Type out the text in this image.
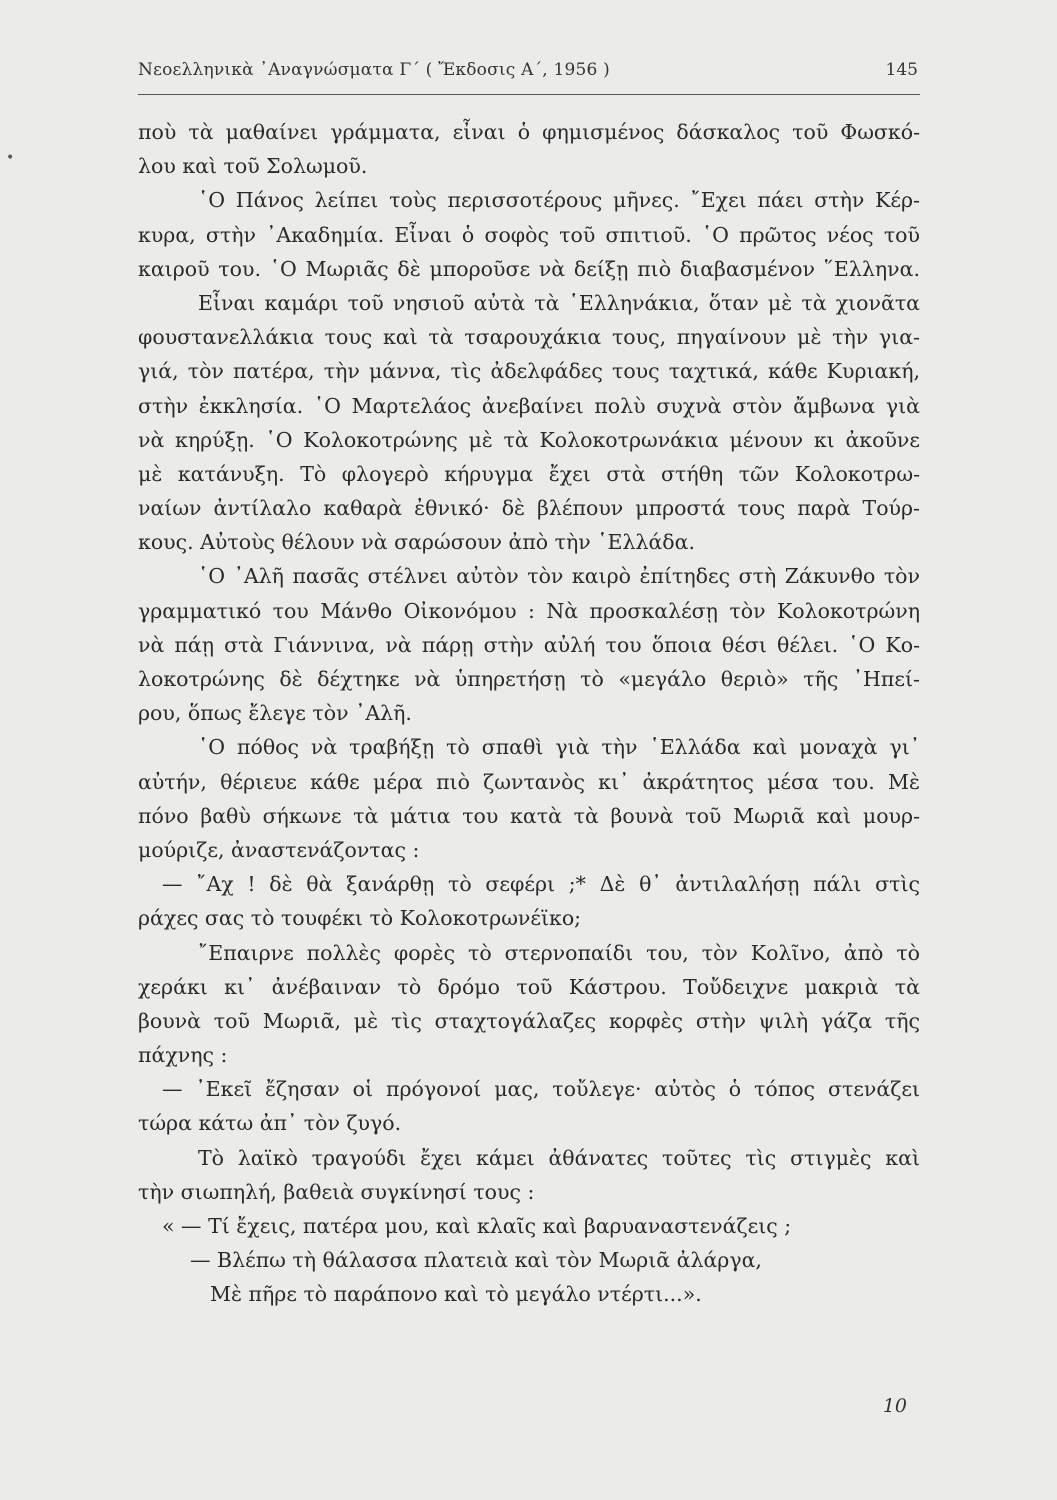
•
Νεοελληνικὰ ᾿Αναγνώσματα Γ΄ ( Ἔκδοσις Α΄, 1956 )	145
ποὺ τὰ μαθαίνει γράμματα, εἶναι ὁ φημισμένος δάσκαλος τοῦ Φωσκό-
λου καὶ τοῦ Σολωμοῦ.
῾Ο Πάνος λείπει τοὺς περισσοτέρους μῆνες. ῎Εχει πάει στὴν Κέρ-
κυρα, στὴν ᾿Ακαδημία. Εἶναι ὁ σοφὸς τοῦ σπιτιοῦ. ῾Ο πρῶτος νέος τοῦ
καιροῦ του. ῾Ο Μωριᾶς δὲ μποροῦσε νὰ δείξῃ πιὸ διαβασμένον ῞Ελληνα.
Εἶναι καμάρι τοῦ νησιοῦ αὐτὰ τὰ ῾Ελληνάκια, ὅταν μὲ τὰ χιονᾶτα
φουστανελλάκια τους καὶ τὰ τσαρουχάκια τους, πηγαίνουν μὲ τὴν για-
γιά, τὸν πατέρα, τὴν μάννα, τὶς ἀδελφάδες τους ταχτικά, κάθε Κυριακή,
στὴν ἐκκλησία. ῾Ο Μαρτελάος ἀνεβαίνει πολὺ συχνὰ στὸν ἄμβωνα γιὰ
νὰ κηρύξῃ. ῾Ο Κολοκοτρώνης μὲ τὰ Κολοκοτρωνάκια μένουν κι ἀκοῦνε
μὲ κατάνυξη. Τὸ φλογερὸ κήρυγμα ἔχει στὰ στήθη τῶν Κολοκοτρω-
ναίων ἀντίλαλο καθαρὰ ἐθνικό· δὲ βλέπουν μπροστά τους παρὰ Τούρ-
κους. Αὐτοὺς θέλουν νὰ σαρώσουν ἀπὸ τὴν ῾Ελλάδα.
῾Ο ᾿Αλῆ πασᾶς στέλνει αὐτὸν τὸν καιρὸ ἐπίτηδες στὴ Ζάκυνθο τὸν
γραμματικό του Μάνθο Οἰκονόμου : Νὰ προσκαλέσῃ τὸν Κολοκοτρώνη
νὰ πάῃ στὰ Γιάννινα, νὰ πάρῃ στὴν αὐλή του ὅποια θέσι θέλει. ῾Ο Κο-
λοκοτρώνης δὲ δέχτηκε νὰ ὑπηρετήσῃ τὸ «μεγάλο θεριὸ» τῆς ᾿Ηπεί-
ρου, ὅπως ἔλεγε τὸν ᾿Αλῆ.
῾Ο πόθος νὰ τραβήξῃ τὸ σπαθὶ γιὰ τὴν ῾Ελλάδα καὶ μοναχὰ γι᾿
αὐτήν, θέριευε κάθε μέρα πιὸ ζωντανὸς κι᾿ ἀκράτητος μέσα του. Μὲ
πόνο βαθὺ σήκωνε τὰ μάτια του κατὰ τὰ βουνὰ τοῦ Μωριᾶ καὶ μουρ-
μούριζε, ἀναστενάζοντας :
— ῎Αχ ! δὲ θὰ ξανάρθῃ τὸ σεφέρι ;* Δὲ θ᾿ ἀντιλαλήσῃ πάλι στὶς
ράχες σας τὸ τουφέκι τὸ Κολοκοτρωνέϊκο;
῎Επαιρνε πολλὲς φορὲς τὸ στερνοπαίδι του, τὸν Κολῖνο, ἀπὸ τὸ
χεράκι κι᾿ ἀνέβαιναν τὸ δρόμο τοῦ Κάστρου. Τοὔδειχνε μακριὰ τὰ
βουνὰ τοῦ Μωριᾶ, μὲ τὶς σταχτογάλαζες κορφὲς στὴν ψιλὴ γάζα τῆς
πάχνης :
— ᾿Εκεῖ ἔζησαν οἱ πρόγονοί μας, τοὔλεγε· αὐτὸς ὁ τόπος στενάζει
τώρα κάτω ἀπ᾿ τὸν ζυγό.
Τὸ λαϊκὸ τραγούδι ἔχει κάμει ἀθάνατες τοῦτες τὶς στιγμὲς καὶ
τὴν σιωπηλή, βαθειὰ συγκίνησί τους :
« — Τί ἔχεις, πατέρα μου, καὶ κλαῖς καὶ βαρυαναστενάζεις ;
— Βλέπω τὴ θάλασσα πλατειὰ καὶ τὸν Μωριᾶ ἀλάργα,
Μὲ πῆρε τὸ παράπονο καὶ τὸ μεγάλο ντέρτι...».
10
